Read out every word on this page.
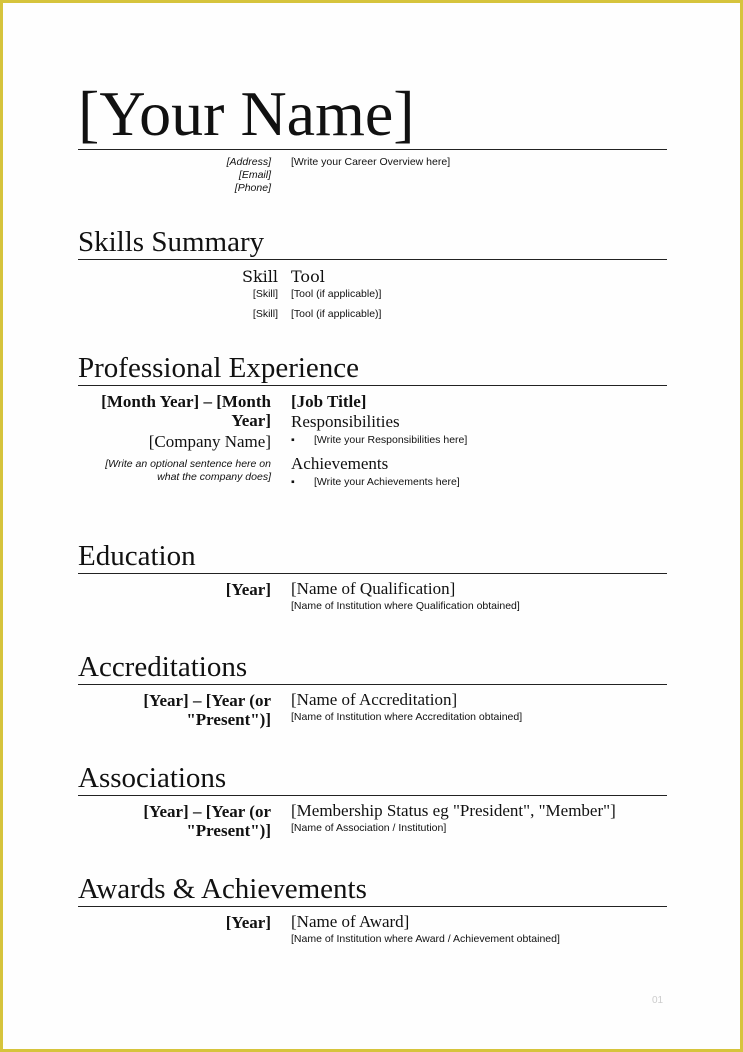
[Your Name]
[Address]
[Email]
[Phone]
[Write your Career Overview here]
Skills Summary
Skill Tool
[Skill] [Tool (if applicable)]
[Skill] [Tool (if applicable)]
Professional Experience
[Month Year] – [Month
Year]
[Company Name]
[Write an optional sentence here on
what the company does]
[Job Title]
Responsibilities
▪ [Write your Responsibilities here]
Achievements
▪ [Write your Achievements here]
Education
[Year] [Name of Qualification]
[Name of Institution where Qualification obtained]
Accreditations
[Year] – [Year (or
"Present")]
[Name of Accreditation]
[Name of Institution where Accreditation obtained]
Associations
[Year] – [Year (or
"Present")]
[Membership Status eg "President", "Member"]
[Name of Association / Institution]
Awards & Achievements
[Year] [Name of Award]
[Name of Institution where Award / Achievement obtained]
01
